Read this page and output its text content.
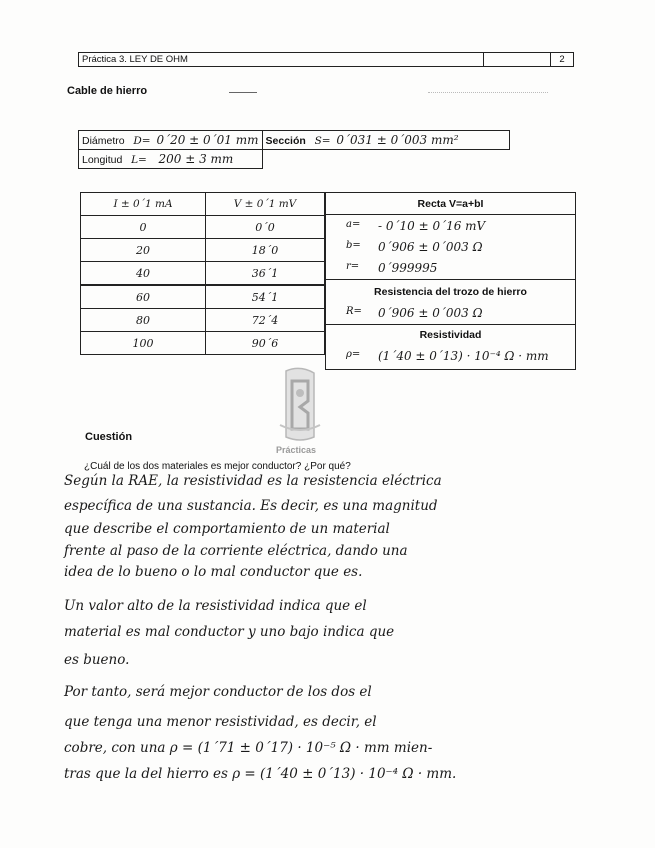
Práctica 3. LEY DE OHM	2
Cable de hierro
Diámetro D= 0´20 ± 0´01 mm	Sección S= 0´031 ± 0´003 mm²
Longitud L= 200 ± 3 mm	
I ± 0´1 mA	V ± 0´1 mV
0	0´0
20	18´0
40	36´1
60	54´1
80	72´4
100	90´6
Recta V=a+bI
a= - 0´10 ± 0´16 mV
b= 0´906 ± 0´003 Ω
r= 0´999995
Resistencia del trozo de hierro
R= 0´906 ± 0´003 Ω
Resistividad
ρ= (1´40 ± 0´13) · 10⁻⁴ Ω · mm
Prácticas
Cuestión
¿Cuál de los dos materiales es mejor conductor? ¿Por qué?
Según la RAE, la resistividad es la resistencia eléctrica
específica de una sustancia. Es decir, es una magnitud
que describe el comportamiento de un material
frente al paso de la corriente eléctrica, dando una
idea de lo bueno o lo mal conductor que es.
Un valor alto de la resistividad indica que el
material es mal conductor y uno bajo indica que
es bueno.
Por tanto, será mejor conductor de los dos el
que tenga una menor resistividad, es decir, el
cobre, con una ρ = (1´71 ± 0´17) · 10⁻⁵ Ω · mm mien-
tras que la del hierro es ρ = (1´40 ± 0´13) · 10⁻⁴ Ω · mm.
